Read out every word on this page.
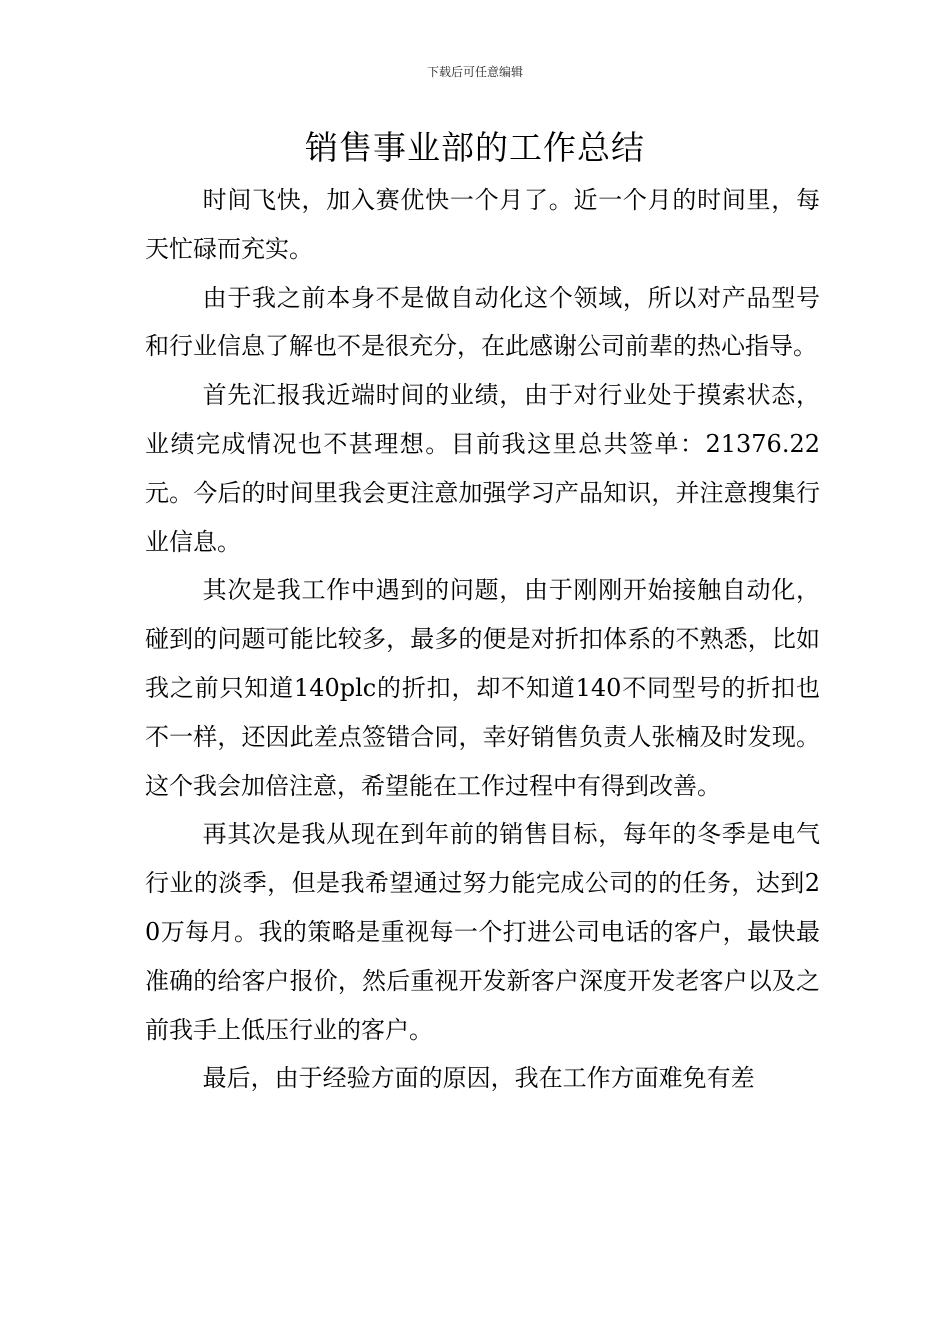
下载后可任意编辑
销售事业部的工作总结

时间飞快，加入赛优快一个月了。近一个月的时间里，每天忙碌而充实。

由于我之前本身不是做自动化这个领域，所以对产品型号和行业信息了解也不是很充分，在此感谢公司前辈的热心指导。

首先汇报我近端时间的业绩，由于对行业处于摸索状态，业绩完成情况也不甚理想。目前我这里总共签单：21376.22元。今后的时间里我会更注意加强学习产品知识，并注意搜集行业信息。

其次是我工作中遇到的问题，由于刚刚开始接触自动化，碰到的问题可能比较多，最多的便是对折扣体系的不熟悉，比如我之前只知道140plc的折扣，却不知道140不同型号的折扣也不一样，还因此差点签错合同，幸好销售负责人张楠及时发现。这个我会加倍注意，希望能在工作过程中有得到改善。

再其次是我从现在到年前的销售目标，每年的冬季是电气行业的淡季，但是我希望通过努力能完成公司的的任务，达到20万每月。我的策略是重视每一个打进公司电话的客户，最快最准确的给客户报价，然后重视开发新客户深度开发老客户以及之前我手上低压行业的客户。

最后，由于经验方面的原因，我在工作方面难免有差
